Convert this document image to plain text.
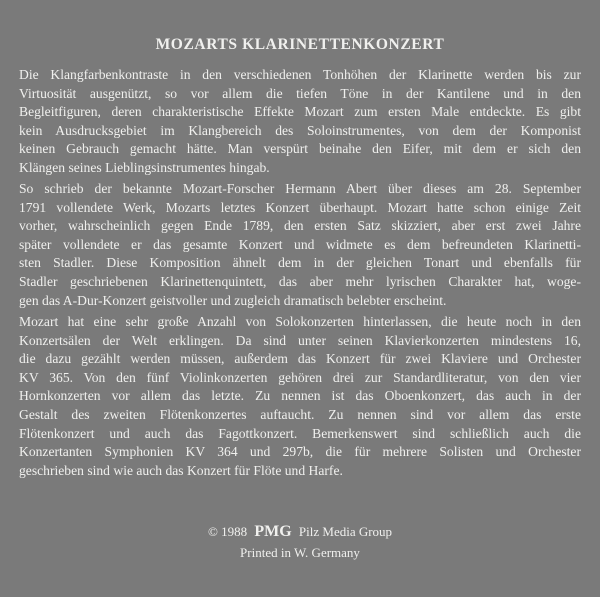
MOZARTS KLARINETTENKONZERT
Die Klangfarbenkontraste in den verschiedenen Tonhöhen der Klarinette werden bis zur
Virtuosität ausgenützt, so vor allem die tiefen Töne in der Kantilene und in den
Begleitfiguren, deren charakteristische Effekte Mozart zum ersten Male entdeckte. Es gibt
kein Ausdrucksgebiet im Klangbereich des Soloinstrumentes, von dem der Komponist
keinen Gebrauch gemacht hätte. Man verspürt beinahe den Eifer, mit dem er sich den
Klängen seines Lieblingsinstrumentes hingab.
So schrieb der bekannte Mozart-Forscher Hermann Abert über dieses am 28. September
1791 vollendete Werk, Mozarts letztes Konzert überhaupt. Mozart hatte schon einige Zeit
vorher, wahrscheinlich gegen Ende 1789, den ersten Satz skizziert, aber erst zwei Jahre
später vollendete er das gesamte Konzert und widmete es dem befreundeten Klarinetti-
sten Stadler. Diese Komposition ähnelt dem in der gleichen Tonart und ebenfalls für
Stadler geschriebenen Klarinettenquintett, das aber mehr lyrischen Charakter hat, woge-
gen das A-Dur-Konzert geistvoller und zugleich dramatisch belebter erscheint.
Mozart hat eine sehr große Anzahl von Solokonzerten hinterlassen, die heute noch in den
Konzertsälen der Welt erklingen. Da sind unter seinen Klavierkonzerten mindestens 16,
die dazu gezählt werden müssen, außerdem das Konzert für zwei Klaviere und Orchester
KV 365. Von den fünf Violinkonzerten gehören drei zur Standardliteratur, von den vier
Hornkonzerten vor allem das letzte. Zu nennen ist das Oboenkonzert, das auch in der
Gestalt des zweiten Flötenkonzertes auftaucht. Zu nennen sind vor allem das erste
Flötenkonzert und auch das Fagottkonzert. Bemerkenswert sind schließlich auch die
Konzertanten Symphonien KV 364 und 297b, die für mehrere Solisten und Orchester
geschrieben sind wie auch das Konzert für Flöte und Harfe.
© 1988 PMG Pilz Media Group
Printed in W. Germany
